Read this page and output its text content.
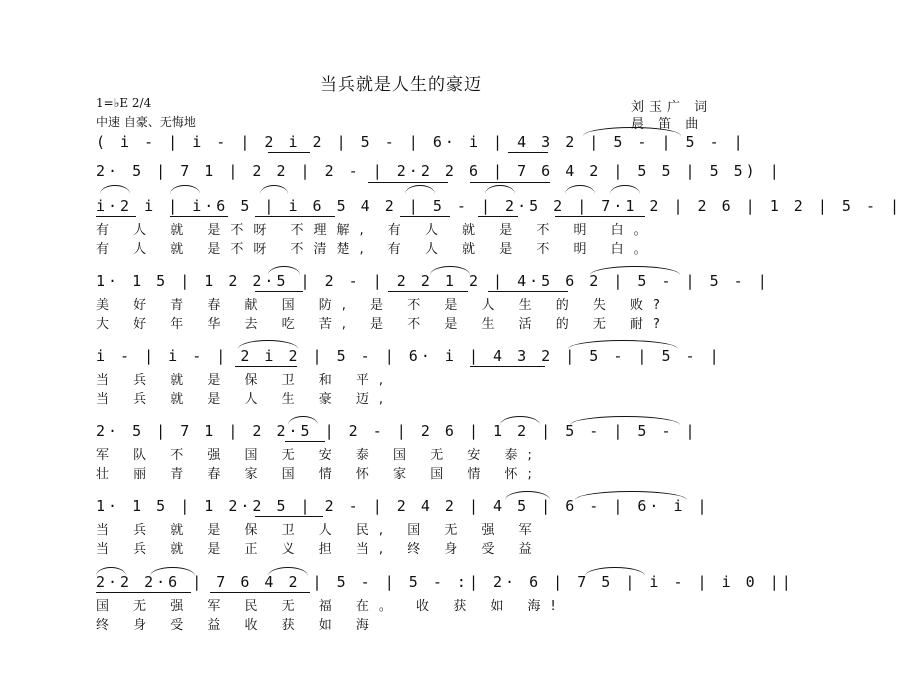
当兵就是人生的豪迈
1=♭E 2/4
中速 自豪、无悔地
刘玉广 词
晨 笛 曲
( i - | i - | 2 i 2 | 5 - | 6· i | 4 3 2 | 5 - | 5 - |
2· 5 | 7 1 | 2 2 | 2 - | 2·2 2 6 | 7 6 4 2 | 5 5 | 5 5) |
i·2 i | i·6 5 | i 6 5 4 2 | 5 - | 2·5 2 | 7·1 2 | 2 6 | 1 2 | 5 - |
有 人 就 是不呀 不理解, 有 人 就 是 不 明 白。
有 人 就 是不呀 不清楚, 有 人 就 是 不 明 白。
1· 1 5 | 1 2 2·5 | 2 - | 2 2 1 2 | 4·5 6 2 | 5 - | 5 - |
美 好 青 春 献 国 防, 是 不 是 人 生 的 失 败?
大 好 年 华 去 吃 苦, 是 不 是 生 活 的 无 耐?
i - | i - | 2 i 2 | 5 - | 6· i | 4 3 2 | 5 - | 5 - |
当 兵 就 是 保 卫 和 平,
当 兵 就 是 人 生 豪 迈,
2· 5 | 7 1 | 2 2·5 | 2 - | 2 6 | 1 2 | 5 - | 5 - |
军 队 不 强 国 无 安 泰 国 无 安 泰;
壮 丽 青 春 家 国 情 怀 家 国 情 怀;
1· 1 5 | 1 2·2 5 | 2 - | 2 4 2 | 4 5 | 6 - | 6· i |
当 兵 就 是 保 卫 人 民, 国 无 强 军
当 兵 就 是 正 义 担 当, 终 身 受 益
2·2 2·6 | 7 6 4 2 | 5 - | 5 - :| 2· 6 | 7 5 | i - | i 0 ||
国 无 强 军 民 无 福 在。 收 获 如 海!
终 身 受 益 收 获 如 海
